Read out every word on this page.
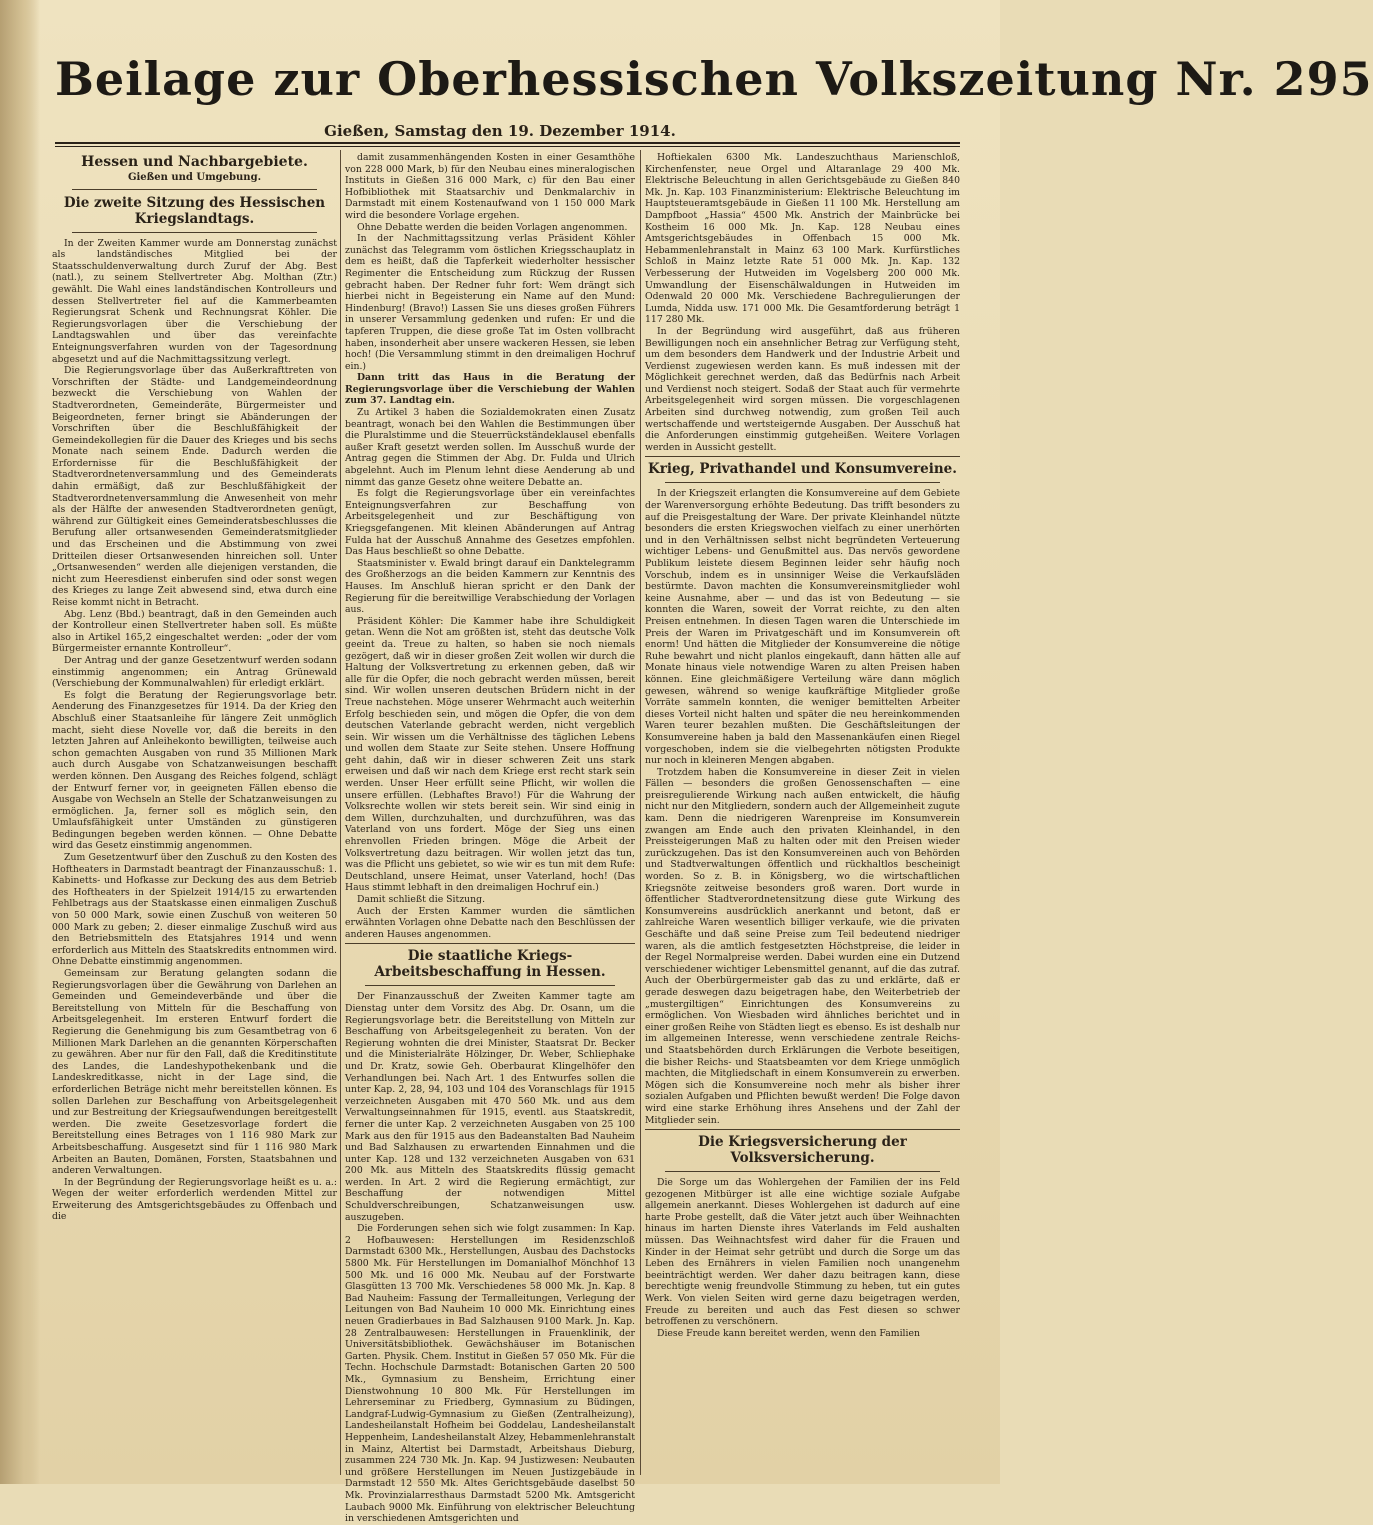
Beilage zur Oberhessischen Volkszeitung Nr. 295
Gießen, Samstag den 19. Dezember 1914.
Hessen und Nachbargebiete.
Gießen und Umgebung.
Die zweite Sitzung des Hessischen Kriegslandtags.

In der Zweiten Kammer wurde am Donnerstag zunächst als landständisches Mitglied bei der Staatsschuldenverwaltung durch Zuruf der Abg. Best (natl.), zu seinem Stellvertreter Abg. Molthan (Ztr.) gewählt. Die Wahl eines landständischen Kontrolleurs und dessen Stellvertreter fiel auf die Kammerbeamten Regierungsrat Schenk und Rechnungsrat Köhler. Die Regierungsvorlagen über die Verschiebung der Landtagswahlen und über das vereinfachte Enteignungsverfahren wurden von der Tagesordnung abgesetzt und auf die Nachmittagssitzung verlegt.

Die Regierungsvorlage über das Außerkrafttreten von Vorschriften der Städte- und Landgemeindeordnung bezweckt die Verschiebung von Wahlen der Stadtverordneten, Gemeinderäte, Bürgermeister und Beigeordneten, ferner bringt sie Abänderungen der Vorschriften über die Beschlußfähigkeit der Gemeindekollegien für die Dauer des Krieges und bis sechs Monate nach seinem Ende. Dadurch werden die Erfordernisse für die Beschlußfähigkeit der Stadtverordnetenversammlung und des Gemeinderats dahin ermäßigt, daß zur Beschlußfähigkeit der Stadtverordnetenversammlung die Anwesenheit von mehr als der Hälfte der anwesenden Stadtverordneten genügt, während zur Gültigkeit eines Gemeinderatsbeschlusses die Berufung aller ortsanwesenden Gemeinderatsmitglieder und das Erscheinen und die Abstimmung von zwei Dritteilen dieser Ortsanwesenden hinreichen soll. Unter „Ortsanwesenden“ werden alle diejenigen verstanden, die nicht zum Heeresdienst einberufen sind oder sonst wegen des Krieges zu lange Zeit abwesend sind, etwa durch eine Reise kommt nicht in Betracht.

Abg. Lenz (Bbd.) beantragt, daß in den Gemeinden auch der Kontrolleur einen Stellvertreter haben soll. Es müßte also in Artikel 165,2 eingeschaltet werden: „oder der vom Bürgermeister ernannte Kontrolleur“.

Der Antrag und der ganze Gesetzentwurf werden sodann einstimmig angenommen; ein Antrag Grünewald (Verschiebung der Kommunalwahlen) für erledigt erklärt.

Es folgt die Beratung der Regierungsvorlage betr. Aenderung des Finanzgesetzes für 1914. Da der Krieg den Abschluß einer Staatsanleihe für längere Zeit unmöglich macht, sieht diese Novelle vor, daß die bereits in den letzten Jahren auf Anleihekonto bewilligten, teilweise auch schon gemachten Ausgaben von rund 35 Millionen Mark auch durch Ausgabe von Schatzanweisungen beschafft werden können. Den Ausgang des Reiches folgend, schlägt der Entwurf ferner vor, in geeigneten Fällen ebenso die Ausgabe von Wechseln an Stelle der Schatzanweisungen zu ermöglichen. Ja, ferner soll es möglich sein, den Umlaufsfähigkeit unter Umständen zu günstigeren Bedingungen begeben werden können. — Ohne Debatte wird das Gesetz einstimmig angenommen.

Zum Gesetzentwurf über den Zuschuß zu den Kosten des Hoftheaters in Darmstadt beantragt der Finanzausschuß: 1. Kabinetts- und Hofkasse zur Deckung des aus dem Betrieb des Hoftheaters in der Spielzeit 1914/15 zu erwartenden Fehlbetrags aus der Staatskasse einen einmaligen Zuschuß von 50 000 Mark, sowie einen Zuschuß von weiteren 50 000 Mark zu geben; 2. dieser einmalige Zuschuß wird aus den Betriebsmitteln des Etatsjahres 1914 und wenn erforderlich aus Mitteln des Staatskredits entnommen wird. Ohne Debatte einstimmig angenommen.

Gemeinsam zur Beratung gelangten sodann die Regierungsvorlagen über die Gewährung von Darlehen an Gemeinden und Gemeindeverbände und über die Bereitstellung von Mitteln für die Beschaffung von Arbeitsgelegenheit. Im ersteren Entwurf fordert die Regierung die Genehmigung bis zum Gesamtbetrag von 6 Millionen Mark Darlehen an die genannten Körperschaften zu gewähren. Aber nur für den Fall, daß die Kreditinstitute des Landes, die Landeshypothekenbank und die Landeskreditkasse, nicht in der Lage sind, die erforderlichen Beträge nicht mehr bereitstellen können. Es sollen Darlehen zur Beschaffung von Arbeitsgelegenheit und zur Bestreitung der Kriegsaufwendungen bereitgestellt werden. Die zweite Gesetzesvorlage fordert die Bereitstellung eines Betrages von 1 116 980 Mark zur Arbeitsbeschaffung. Ausgesetzt sind für 1 116 980 Mark Arbeiten an Bauten, Domänen, Forsten, Staatsbahnen und anderen Verwaltungen.

In der Begründung der Regierungsvorlage heißt es u. a.: Wegen der weiter erforderlich werdenden Mittel zur Erweiterung des Amtsgerichtsgebäudes zu Offenbach und die

damit zusammenhängenden Kosten in einer Gesamthöhe von 228 000 Mark, b) für den Neubau eines mineralogischen Instituts in Gießen 316 000 Mark, c) für den Bau einer Hofbibliothek mit Staatsarchiv und Denkmalarchiv in Darmstadt mit einem Kostenaufwand von 1 150 000 Mark wird die besondere Vorlage ergehen.

Ohne Debatte werden die beiden Vorlagen angenommen.

In der Nachmittagssitzung verlas Präsident Köhler zunächst das Telegramm vom östlichen Kriegsschauplatz in dem es heißt, daß die Tapferkeit wiederholter hessischer Regimenter die Entscheidung zum Rückzug der Russen gebracht haben. Der Redner fuhr fort: Wem drängt sich hierbei nicht in Begeisterung ein Name auf den Mund: Hindenburg! (Bravo!) Lassen Sie uns dieses großen Führers in unserer Versammlung gedenken und rufen: Er und die tapferen Truppen, die diese große Tat im Osten vollbracht haben, insonderheit aber unsere wackeren Hessen, sie leben hoch! (Die Versammlung stimmt in den dreimaligen Hochruf ein.)

Dann tritt das Haus in die Beratung der Regierungsvorlage über die Verschiebung der Wahlen zum 37. Landtag ein.

Zu Artikel 3 haben die Sozialdemokraten einen Zusatz beantragt, wonach bei den Wahlen die Bestimmungen über die Pluralstimme und die Steuerrückständeklausel ebenfalls außer Kraft gesetzt werden sollen. Im Ausschuß wurde der Antrag gegen die Stimmen der Abg. Dr. Fulda und Ulrich abgelehnt. Auch im Plenum lehnt diese Aenderung ab und nimmt das ganze Gesetz ohne weitere Debatte an.

Es folgt die Regierungsvorlage über ein vereinfachtes Enteignungsverfahren zur Beschaffung von Arbeitsgelegenheit und zur Beschäftigung von Kriegsgefangenen. Mit kleinen Abänderungen auf Antrag Fulda hat der Ausschuß Annahme des Gesetzes empfohlen. Das Haus beschließt so ohne Debatte.

Staatsminister v. Ewald bringt darauf ein Danktelegramm des Großherzogs an die beiden Kammern zur Kenntnis des Hauses. Im Anschluß hieran spricht er den Dank der Regierung für die bereitwillige Verabschiedung der Vorlagen aus.

Präsident Köhler: Die Kammer habe ihre Schuldigkeit getan. Wenn die Not am größten ist, steht das deutsche Volk geeint da. Treue zu halten, so haben sie noch niemals gezögert, daß wir in dieser großen Zeit wollen wir durch die Haltung der Volksvertretung zu erkennen geben, daß wir alle für die Opfer, die noch gebracht werden müssen, bereit sind. Wir wollen unseren deutschen Brüdern nicht in der Treue nachstehen. Möge unserer Wehrmacht auch weiterhin Erfolg beschieden sein, und mögen die Opfer, die von dem deutschen Vaterlande gebracht werden, nicht vergeblich sein. Wir wissen um die Verhältnisse des täglichen Lebens und wollen dem Staate zur Seite stehen. Unsere Hoffnung geht dahin, daß wir in dieser schweren Zeit uns stark erweisen und daß wir nach dem Kriege erst recht stark sein werden. Unser Heer erfüllt seine Pflicht, wir wollen die unsere erfüllen. (Lebhaftes Bravo!) Für die Wahrung der Volksrechte wollen wir stets bereit sein. Wir sind einig in dem Willen, durchzuhalten, und durchzuführen, was das Vaterland von uns fordert. Möge der Sieg uns einen ehrenvollen Frieden bringen. Möge die Arbeit der Volksvertretung dazu beitragen. Wir wollen jetzt das tun, was die Pflicht uns gebietet, so wie wir es tun mit dem Rufe: Deutschland, unsere Heimat, unser Vaterland, hoch! (Das Haus stimmt lebhaft in den dreimaligen Hochruf ein.)

Damit schließt die Sitzung.

Auch der Ersten Kammer wurden die sämtlichen erwähnten Vorlagen ohne Debatte nach den Beschlüssen der anderen Hauses angenommen.

Die staatliche Kriegs-Arbeitsbeschaffung in Hessen.

Der Finanzausschuß der Zweiten Kammer tagte am Dienstag unter dem Vorsitz des Abg. Dr. Osann, um die Regierungsvorlage betr. die Bereitstellung von Mitteln zur Beschaffung von Arbeitsgelegenheit zu beraten. Von der Regierung wohnten die drei Minister, Staatsrat Dr. Becker und die Ministerialräte Hölzinger, Dr. Weber, Schliephake und Dr. Kratz, sowie Geh. Oberbaurat Klingelhöfer den Verhandlungen bei. Nach Art. 1 des Entwurfes sollen die unter Kap. 2, 28, 94, 103 und 104 des Voranschlags für 1915 verzeichneten Ausgaben mit 470 560 Mk. und aus dem Verwaltungseinnahmen für 1915, eventl. aus Staatskredit, ferner die unter Kap. 2 verzeichneten Ausgaben von 25 100 Mark aus den für 1915 aus den Badeanstalten Bad Nauheim und Bad Salzhausen zu erwartenden Einnahmen und die unter Kap. 128 und 132 verzeichneten Ausgaben von 631 200 Mk. aus Mitteln des Staatskredits flüssig gemacht werden. In Art. 2 wird die Regierung ermächtigt, zur Beschaffung der notwendigen Mittel Schuldverschreibungen, Schatzanweisungen usw. auszugeben.

Die Forderungen sehen sich wie folgt zusammen: In Kap. 2 Hofbauwesen: Herstellungen im Residenzschloß Darmstadt 6300 Mk., Herstellungen, Ausbau des Dachstocks 5800 Mk. Für Herstellungen im Domanialhof Mönchhof 13 500 Mk. und 16 000 Mk. Neubau auf der Forstwarte Glasgütten 13 700 Mk. Verschiedenes 58 000 Mk. Jn. Kap. 8 Bad Nauheim: Fassung der Termalleitungen, Verlegung der Leitungen von Bad Nauheim 10 000 Mk. Einrichtung eines neuen Gradierbaues in Bad Salzhausen 9100 Mark. Jn. Kap. 28 Zentralbauwesen: Herstellungen in Frauenklinik, der Universitätsbibliothek. Gewächshäuser im Botanischen Garten. Physik. Chem. Institut in Gießen 57 050 Mk. Für die Techn. Hochschule Darmstadt: Botanischen Garten 20 500 Mk., Gymnasium zu Bensheim, Errichtung einer Dienstwohnung 10 800 Mk. Für Herstellungen im Lehrerseminar zu Friedberg, Gymnasium zu Büdingen, Landgraf-Ludwig-Gymnasium zu Gießen (Zentralheizung), Landesheilanstalt Hofheim bei Goddelau, Landesheilanstalt Heppenheim, Landesheilanstalt Alzey, Hebammenlehranstalt in Mainz, Altertist bei Darmstadt, Arbeitshaus Dieburg, zusammen 224 730 Mk. Jn. Kap. 94 Justizwesen: Neubauten und größere Herstellungen im Neuen Justizgebäude in Darmstadt 12 550 Mk. Altes Gerichtsgebäude daselbst 50 Mk. Provinzialarresthaus Darmstadt 5200 Mk. Amtsgericht Laubach 9000 Mk. Einführung von elektrischer Beleuchtung in verschiedenen Amtsgerichten und

Hoftiekalen 6300 Mk. Landeszuchthaus Marienschloß, Kirchenfenster, neue Orgel und Altaranlage 29 400 Mk. Elektrische Beleuchtung in allen Gerichtsgebäude zu Gießen 840 Mk. Jn. Kap. 103 Finanzministerium: Elektrische Beleuchtung im Hauptsteueramtsgebäude in Gießen 11 100 Mk. Herstellung am Dampfboot „Hassia“ 4500 Mk. Anstrich der Mainbrücke bei Kostheim 16 000 Mk. Jn. Kap. 128 Neubau eines Amtsgerichtsgebäudes in Offenbach 15 000 Mk. Hebammenlehranstalt in Mainz 63 100 Mark. Kurfürstliches Schloß in Mainz letzte Rate 51 000 Mk. Jn. Kap. 132 Verbesserung der Hutweiden im Vogelsberg 200 000 Mk. Umwandlung der Eisenschälwaldungen in Hutweiden im Odenwald 20 000 Mk. Verschiedene Bachregulierungen der Lumda, Nidda usw. 171 000 Mk. Die Gesamtforderung beträgt 1 117 280 Mk.

In der Begründung wird ausgeführt, daß aus früheren Bewilligungen noch ein ansehnlicher Betrag zur Verfügung steht, um dem besonders dem Handwerk und der Industrie Arbeit und Verdienst zugewiesen werden kann. Es muß indessen mit der Möglichkeit gerechnet werden, daß das Bedürfnis nach Arbeit und Verdienst noch steigert. Sodaß der Staat auch für vermehrte Arbeitsgelegenheit wird sorgen müssen. Die vorgeschlagenen Arbeiten sind durchweg notwendig, zum großen Teil auch wertschaffende und wertsteigernde Ausgaben. Der Ausschuß hat die Anforderungen einstimmig gutgeheißen. Weitere Vorlagen werden in Aussicht gestellt.

Krieg, Privathandel und Konsumvereine.

In der Kriegszeit erlangten die Konsumvereine auf dem Gebiete der Warenversorgung erhöhte Bedeutung. Das trifft besonders zu auf die Preisgestaltung der Ware. Der private Kleinhandel nützte besonders die ersten Kriegswochen vielfach zu einer unerhörten und in den Verhältnissen selbst nicht begründeten Verteuerung wichtiger Lebens- und Genußmittel aus. Das nervös gewordene Publikum leistete diesem Beginnen leider sehr häufig noch Vorschub, indem es in unsinniger Weise die Verkaufsläden bestürmte. Davon machten die Konsumvereinsmitglieder wohl keine Ausnahme, aber — und das ist von Bedeutung — sie konnten die Waren, soweit der Vorrat reichte, zu den alten Preisen entnehmen. In diesen Tagen waren die Unterschiede im Preis der Waren im Privatgeschäft und im Konsumverein oft enorm! Und hätten die Mitglieder der Konsumvereine die nötige Ruhe bewahrt und nicht planlos eingekauft, dann hätten alle auf Monate hinaus viele notwendige Waren zu alten Preisen haben können. Eine gleichmäßigere Verteilung wäre dann möglich gewesen, während so wenige kaufkräftige Mitglieder große Vorräte sammeln konnten, die weniger bemittelten Arbeiter dieses Vorteil nicht halten und später die neu hereinkommenden Waren teurer bezahlen mußten. Die Geschäftsleitungen der Konsumvereine haben ja bald den Massenankäufen einen Riegel vorgeschoben, indem sie die vielbegehrten nötigsten Produkte nur noch in kleineren Mengen abgaben.

Trotzdem haben die Konsumvereine in dieser Zeit in vielen Fällen — besonders die großen Genossenschaften — eine preisregulierende Wirkung nach außen entwickelt, die häufig nicht nur den Mitgliedern, sondern auch der Allgemeinheit zugute kam. Denn die niedrigeren Warenpreise im Konsumverein zwangen am Ende auch den privaten Kleinhandel, in den Preissteigerungen Maß zu halten oder mit den Preisen wieder zurückzugehen. Das ist den Konsumvereinen auch von Behörden und Stadtverwaltungen öffentlich und rückhaltlos bescheinigt worden. So z. B. in Königsberg, wo die wirtschaftlichen Kriegsnöte zeitweise besonders groß waren. Dort wurde in öffentlicher Stadtverordnetensitzung diese gute Wirkung des Konsumvereins ausdrücklich anerkannt und betont, daß er zahlreiche Waren wesentlich billiger verkaufe, wie die privaten Geschäfte und daß seine Preise zum Teil bedeutend niedriger waren, als die amtlich festgesetzten Höchstpreise, die leider in der Regel Normalpreise werden. Dabei wurden eine ein Dutzend verschiedener wichtiger Lebensmittel genannt, auf die das zutraf. Auch der Oberbürgermeister gab das zu und erklärte, daß er gerade deswegen dazu beigetragen habe, den Weiterbetrieb der „mustergiltigen“ Einrichtungen des Konsumvereins zu ermöglichen. Von Wiesbaden wird ähnliches berichtet und in einer großen Reihe von Städten liegt es ebenso. Es ist deshalb nur im allgemeinen Interesse, wenn verschiedene zentrale Reichs- und Staatsbehörden durch Erklärungen die Verbote beseitigen, die bisher Reichs- und Staatsbeamten vor dem Kriege unmöglich machten, die Mitgliedschaft in einem Konsumverein zu erwerben. Mögen sich die Konsumvereine noch mehr als bisher ihrer sozialen Aufgaben und Pflichten bewußt werden! Die Folge davon wird eine starke Erhöhung ihres Ansehens und der Zahl der Mitglieder sein.

Die Kriegsversicherung der Volksversicherung.

Die Sorge um das Wohlergehen der Familien der ins Feld gezogenen Mitbürger ist alle eine wichtige soziale Aufgabe allgemein anerkannt. Dieses Wohlergehen ist dadurch auf eine harte Probe gestellt, daß die Väter jetzt auch über Weihnachten hinaus im harten Dienste ihres Vaterlands im Feld aushalten müssen. Das Weihnachtsfest wird daher für die Frauen und Kinder in der Heimat sehr getrübt und durch die Sorge um das Leben des Ernährers in vielen Familien noch unangenehm beeinträchtigt werden. Wer daher dazu beitragen kann, diese berechtigte wenig freundvolle Stimmung zu heben, tut ein gutes Werk. Von vielen Seiten wird gerne dazu beigetragen werden, Freude zu bereiten und auch das Fest diesen so schwer betroffenen zu verschönern.

Diese Freude kann bereitet werden, wenn den Familien
